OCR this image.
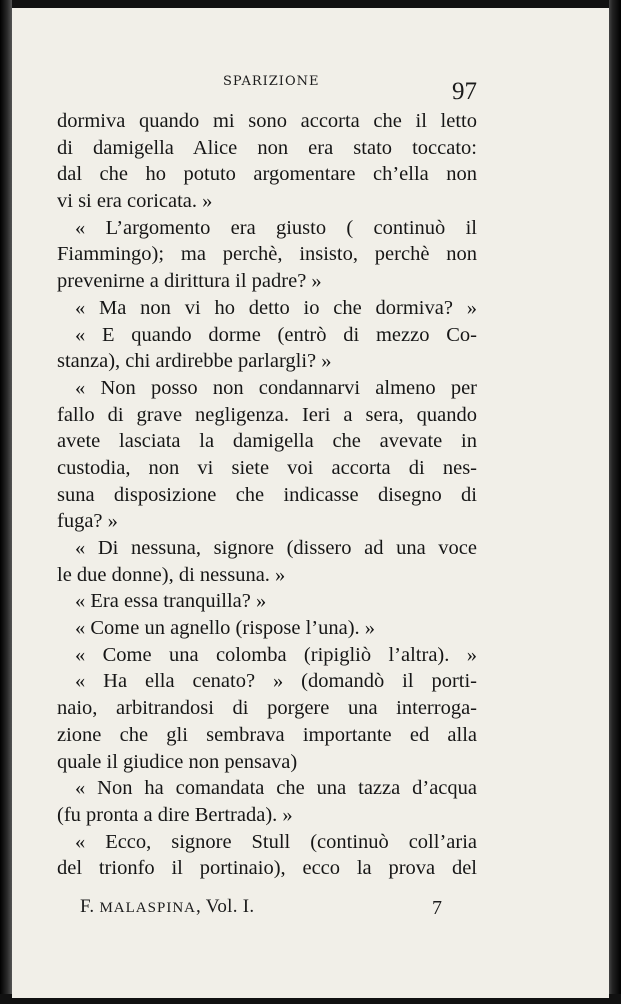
SPARIZIONE	97
dormiva quando mi sono accorta che il letto
di damigella Alice non era stato toccato:
dal che ho potuto argomentare ch’ella non
vi si era coricata. »
« L’argomento era giusto ( continuò il
Fiammingo); ma perchè, insisto, perchè non
prevenirne a dirittura il padre? »
« Ma non vi ho detto io che dormiva? »
« E quando dorme (entrò di mezzo Co-
stanza), chi ardirebbe parlargli? »
« Non posso non condannarvi almeno per
fallo di grave negligenza. Ieri a sera, quando
avete lasciata la damigella che avevate in
custodia, non vi siete voi accorta di nes-
suna disposizione che indicasse disegno di
fuga? »
« Di nessuna, signore (dissero ad una voce
le due donne), di nessuna. »
« Era essa tranquilla? »
« Come un agnello (rispose l’una). »
« Come una colomba (ripigliò l’altra). »
« Ha ella cenato? » (domandò il porti-
naio, arbitrandosi di porgere una interroga-
zione che gli sembrava importante ed alla
quale il giudice non pensava)
« Non ha comandata che una tazza d’acqua
(fu pronta a dire Bertrada). »
« Ecco, signore Stull (continuò coll’aria
del trionfo il portinaio), ecco la prova del
F. MALASPINA, Vol. I.	7
